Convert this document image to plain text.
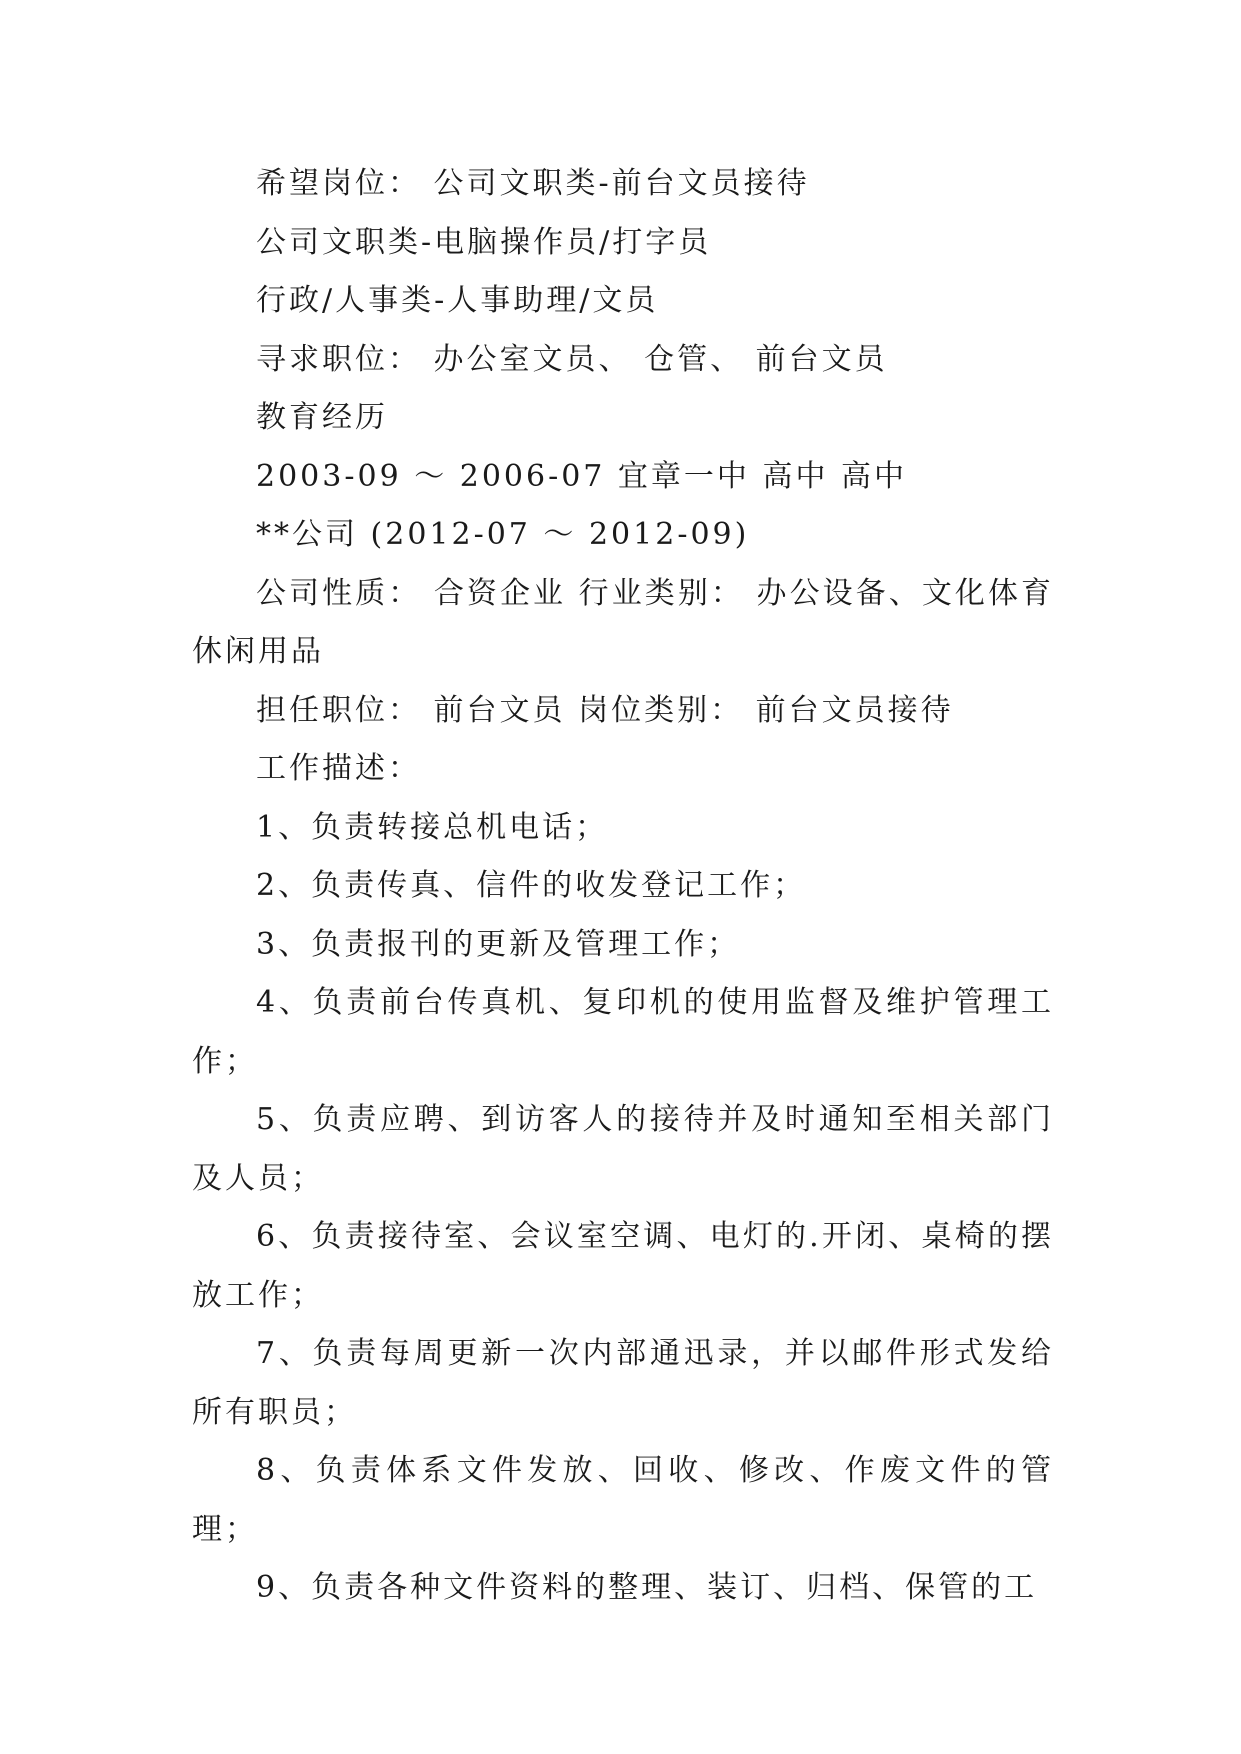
希望岗位： 公司文职类-前台文员接待

公司文职类-电脑操作员/打字员

行政/人事类-人事助理/文员

寻求职位： 办公室文员、 仓管、 前台文员

教育经历

2003-09 ～ 2006-07 宜章一中 高中 高中

**公司 (2012-07 ～ 2012-09)

公司性质： 合资企业 行业类别： 办公设备、文化体育休闲用品

担任职位： 前台文员 岗位类别： 前台文员接待

工作描述：

1、负责转接总机电话；

2、负责传真、信件的收发登记工作；

3、负责报刊的更新及管理工作；

4、负责前台传真机、复印机的使用监督及维护管理工作；

5、负责应聘、到访客人的接待并及时通知至相关部门及人员；

6、负责接待室、会议室空调、电灯的.开闭、桌椅的摆放工作；

7、负责每周更新一次内部通迅录，并以邮件形式发给所有职员；

8、负责体系文件发放、回收、修改、作废文件的管理；

9、负责各种文件资料的整理、装订、归档、保管的工
